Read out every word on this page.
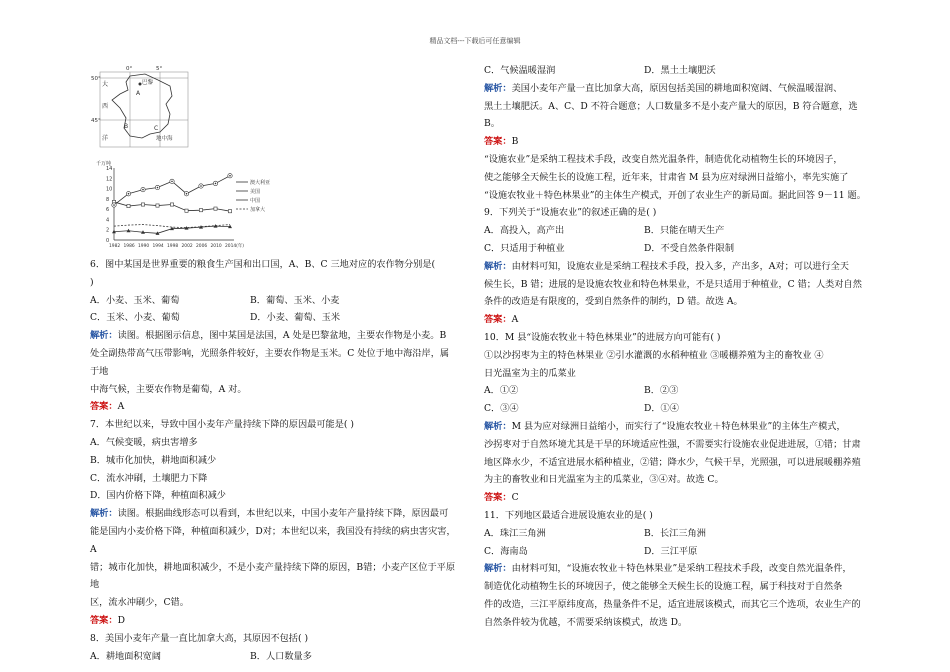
精品文档---下载后可任意编辑
50°
45°
0°	5°
大
西
洋	地中海
巴黎
A
B	C
千万吨
0
2
4
6
8
10
12
14
1982 1986 1990 1994 1998 2002 2006 2010 2014(年)
澳大利亚
美国
中国
加拿大

6．图中某国是世界重要的粮食生产国和出口国，A、B、C 三地对应的农作物分别是(

)

A．小麦、玉米、葡萄	B．葡萄、玉米、小麦
C．玉米、小麦、葡萄	D．小麦、葡萄、玉米

解析：读图。根据图示信息，图中某国是法国，A 处是巴黎盆地，主要农作物是小麦。B

处全副热带高气压带影响，光照条件较好，主要农作物是玉米。C 处位于地中海沿岸，属于地

中海气候，主要农作物是葡萄，A 对。

答案：A

7．本世纪以来，导致中国小麦年产量持续下降的原因最可能是( )

A．气候变暖，病虫害增多

B．城市化加快，耕地面积减少

C．流水冲刷，土壤肥力下降

D．国内价格下降，种植面积减少

解析：读图。根据曲线形态可以看到，本世纪以来，中国小麦年产量持续下降，原因最可

能是国内小麦价格下降，种植面积减少，D对；本世纪以来，我国没有持续的病虫害灾害，A

错；城市化加快，耕地面积减少，不是小麦产量持续下降的原因，B错；小麦产区位于平原地

区，流水冲刷少，C错。

答案：D

8．美国小麦年产量一直比加拿大高，其原因不包括( )

A．耕地面积宽阔	B．人口数量多
C．气候温暖湿润	D．黑土土壤肥沃

解析：美国小麦年产量一直比加拿大高，原因包括美国的耕地面积宽阔、气候温暖湿润、

黑土土壤肥沃。A、C、D 不符合题意；人口数量多不是小麦产量大的原因，B 符合题意，选

B。

答案：B

“设施农业”是采纳工程技术手段，改变自然光温条件，制造优化动植物生长的环境因子，

使之能够全天候生长的设施工程，近年来，甘肃省 M 县为应对绿洲日益缩小，率先实施了

“设施农牧业＋特色林果业”的主体生产模式，开创了农业生产的新局面。据此回答 9－11 题。

9．下列关于“设施农业”的叙述正确的是( )

A．高投入，高产出	B．只能在晴天生产
C．只适用于种植业	D．不受自然条件限制

解析：由材料可知，设施农业是采纳工程技术手段，投入多，产出多，A对；可以进行全天

候生长，B 错；进展的是设施农牧业和特色林果业，不是只适用于种植业，C 错；人类对自然

条件的改造是有限度的，受到自然条件的制约，D 错。故选 A。

答案：A

10．M 县“设施农牧业＋特色林果业”的进展方向可能有( )

①以沙拐枣为主的特色林果业 ②引水灌溉的水稻种植业 ③暖棚养殖为主的畜牧业 ④

日光温室为主的瓜菜业

A．①②	B．②③
C．③④	D．①④

解析：M 县为应对绿洲日益缩小，而实行了“设施农牧业＋特色林果业”的主体生产模式，

沙拐枣对于自然环境尤其是干旱的环境适应性强，不需要实行设施农业促进进展，①错；甘肃

地区降水少，不适宜进展水稻种植业，②错；降水少，气候干旱，光照强，可以进展暖棚养殖

为主的畜牧业和日光温室为主的瓜菜业，③④对。故选 C。

答案：C

11．下列地区最适合进展设施农业的是( )

A．珠江三角洲	B．长江三角洲
C．海南岛	D．三江平原

解析：由材料可知，“设施农牧业＋特色林果业”是采纳工程技术手段，改变自然光温条件，

制造优化动植物生长的环境因子，使之能够全天候生长的设施工程，属于科技对于自然条

件的改造，三江平原纬度高，热量条件不足，适宜进展该模式，而其它三个选项，农业生产的

自然条件较为优越，不需要采纳该模式，故选 D。
